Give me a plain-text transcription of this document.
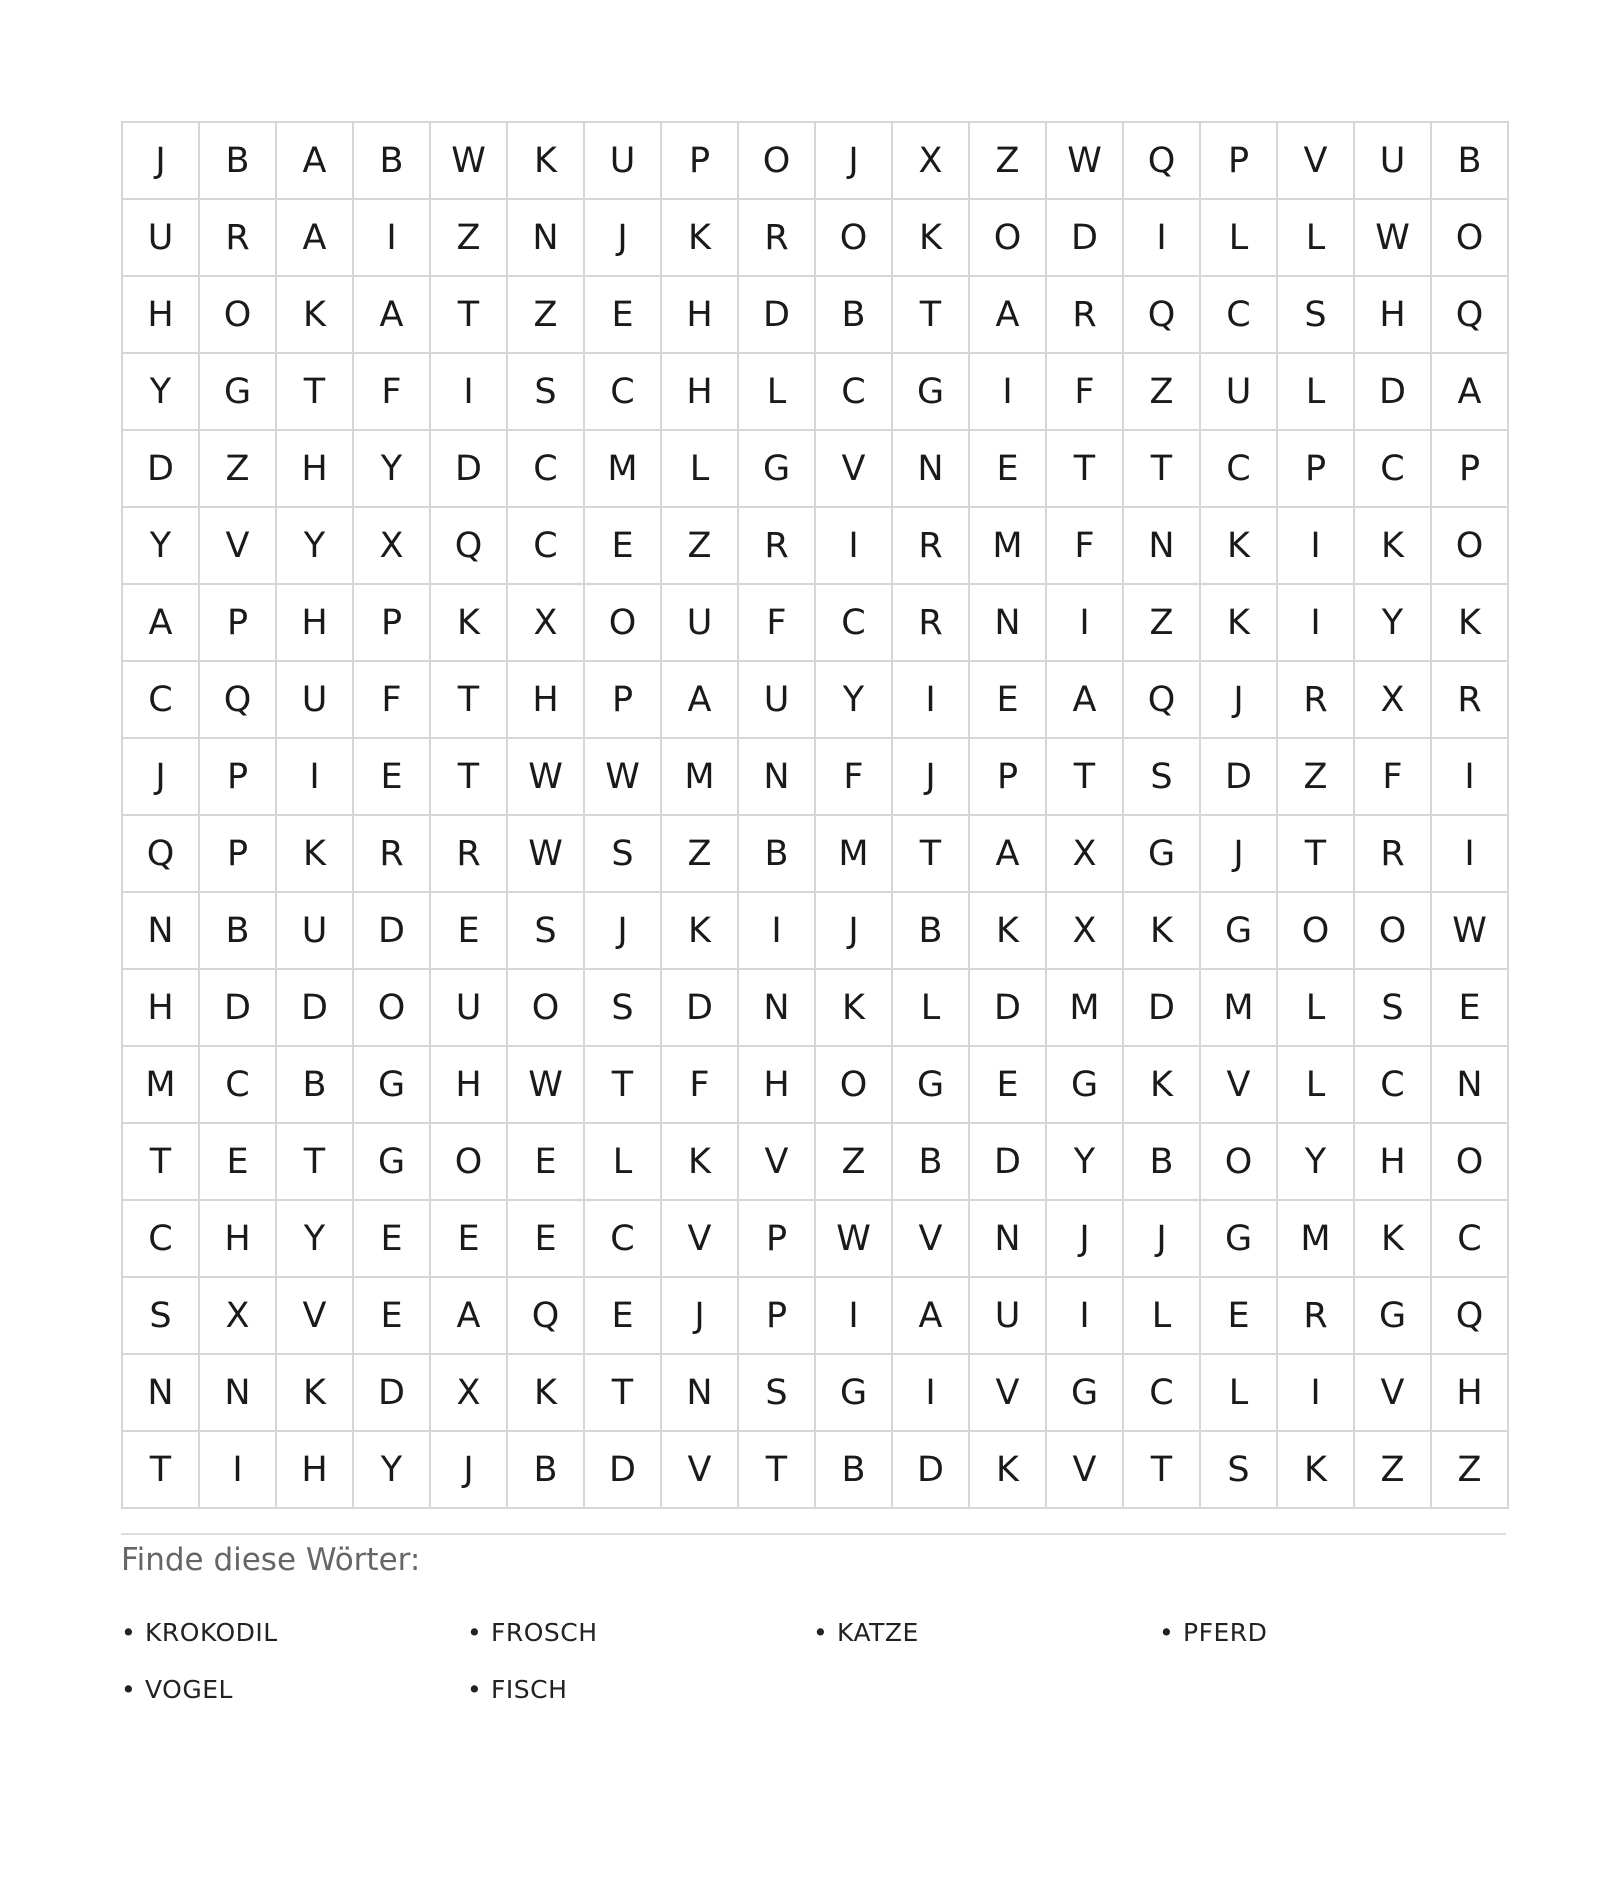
J	B	A	B	W	K	U	P	O	J	X	Z	W	Q	P	V	U	B
U	R	A	I	Z	N	J	K	R	O	K	O	D	I	L	L	W	O
H	O	K	A	T	Z	E	H	D	B	T	A	R	Q	C	S	H	Q
Y	G	T	F	I	S	C	H	L	C	G	I	F	Z	U	L	D	A
D	Z	H	Y	D	C	M	L	G	V	N	E	T	T	C	P	C	P
Y	V	Y	X	Q	C	E	Z	R	I	R	M	F	N	K	I	K	O
A	P	H	P	K	X	O	U	F	C	R	N	I	Z	K	I	Y	K
C	Q	U	F	T	H	P	A	U	Y	I	E	A	Q	J	R	X	R
J	P	I	E	T	W	W	M	N	F	J	P	T	S	D	Z	F	I
Q	P	K	R	R	W	S	Z	B	M	T	A	X	G	J	T	R	I
N	B	U	D	E	S	J	K	I	J	B	K	X	K	G	O	O	W
H	D	D	O	U	O	S	D	N	K	L	D	M	D	M	L	S	E
M	C	B	G	H	W	T	F	H	O	G	E	G	K	V	L	C	N
T	E	T	G	O	E	L	K	V	Z	B	D	Y	B	O	Y	H	O
C	H	Y	E	E	E	C	V	P	W	V	N	J	J	G	M	K	C
S	X	V	E	A	Q	E	J	P	I	A	U	I	L	E	R	G	Q
N	N	K	D	X	K	T	N	S	G	I	V	G	C	L	I	V	H
T	I	H	Y	J	B	D	V	T	B	D	K	V	T	S	K	Z	Z
Finde diese Wörter:
• KROKODIL	• FROSCH	• KATZE	• PFERD
• VOGEL	• FISCH
